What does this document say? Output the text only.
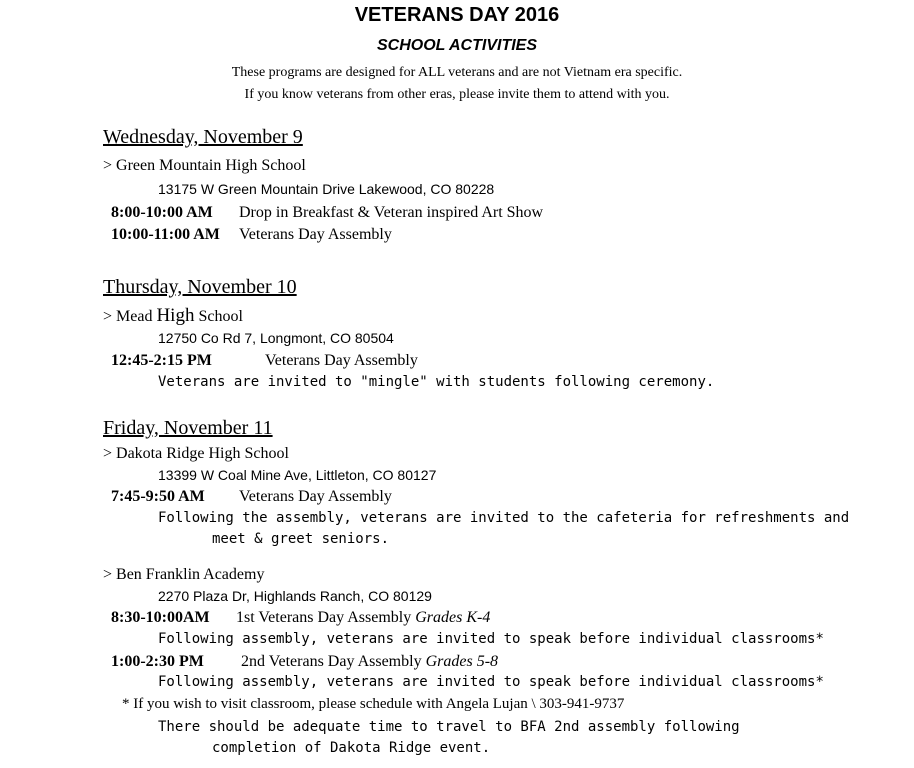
VETERANS DAY 2016
SCHOOL ACTIVITIES
These programs are designed for ALL veterans and are not Vietnam era specific.
If you know veterans from other eras, please invite them to attend with you.
Wednesday, November 9
> Green Mountain High School
13175 W Green Mountain Drive Lakewood, CO 80228
8:00-10:00 AM Drop in Breakfast & Veteran inspired Art Show
10:00-11:00 AM Veterans Day Assembly
Thursday, November 10
> Mead High School
12750 Co Rd 7, Longmont, CO 80504
12:45-2:15 PM	Veterans Day Assembly
Veterans are invited to "mingle" with students following ceremony.
Friday, November 11
> Dakota Ridge High School
13399 W Coal Mine Ave, Littleton, CO 80127
7:45-9:50 AM Veterans Day Assembly
Following the assembly, veterans are invited to the cafeteria for refreshments and
meet & greet seniors.
> Ben Franklin Academy
2270 Plaza Dr, Highlands Ranch, CO 80129
8:30-10:00AM 1st Veterans Day Assembly Grades K-4
Following assembly, veterans are invited to speak before individual classrooms*
1:00-2:30 PM 2nd Veterans Day Assembly Grades 5-8
Following assembly, veterans are invited to speak before individual classrooms*
* If you wish to visit classroom, please schedule with Angela Lujan \ 303-941-9737
There should be adequate time to travel to BFA 2nd assembly following
completion of Dakota Ridge event.
